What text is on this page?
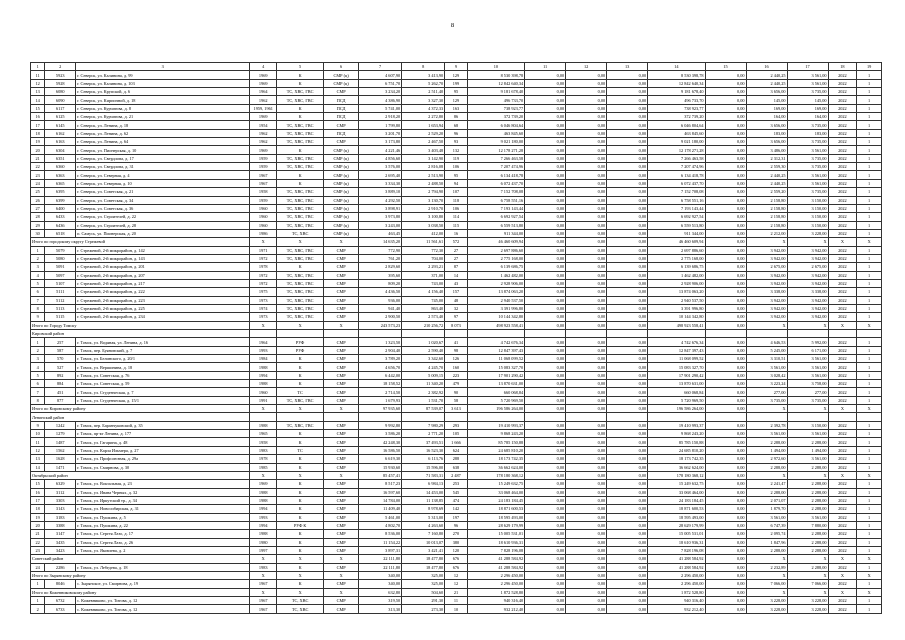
8
1	2	3	4	5	6	7	8	9	10	11	12	13	14	15	16	17	18	19
11	5923	г. Северск, ул. Калинина, д. 99	1969	К	СМР (ц)	4 607,90	3 413,90	129	8 530 398,78	0,00	0,00	0,00	8 530 398,78	0,00	2 440,25	3 561,00	2022	1
12	5928	г. Северск, ул. Калинина, д. 103	1969	К	СМР (ц)	6 751,70	5 262,70	199	12 842 640,34	0,00	0,00	0,00	12 842 640,34	0,00	2 440,25	3 561,00	2022	1
13	6080	г. Северск, ул. Крупской, д. 6	1964	ТС, ХВС, ГВС	СМР	3 234,20	2 511,40	95	9 181 678,40	0,00	0,00	0,00	9 181 678,40	0,00	3 656,00	3 735,00	2022	1
14	6090	г. Северск, ул. Кирпичной, д. 18	1962	ТС, ХВС, ГВС	ПСД	4 386,90	3 327,30	129	496 733,70	0,00	0,00	0,00	496 733,70	0,00	145,00	145,00	2022	1
15	6117	г. Северск, ул. Курчатова, д. 8	1959, 1961	К	ПСД	5 741,00	4 372,33	163	738 923,77	0,00	0,00	0,00	738 923,77	0,00	169,00	169,00	2022	1
16	6125	г. Северск, ул. Курчатова, д. 21	1969	К	ПСД	2 918,20	2 272,80	86	372 739,20	0,00	0,00	0,00	372 739,20	0,00	164,00	164,00	2022	1
17	6145	г. Северск, ул. Ленина, д. 18	1954	ТС, ХВС, ГВС	СМР	1 799,80	1 653,94	68	6 046 804,64	0,00	0,00	0,00	6 046 804,64	0,00	3 656,00	3 735,00	2022	1
18	6162	г. Северск, ул. Ленина, д. 62	1962	ТС, ХВС, ГВС	ПСД	3 201,70	2 529,20	96	463 845,60	0,00	0,00	0,00	463 845,60	0,00	183,00	183,00	2022	1
19	6163	г. Северск, ул. Ленина, д. 64	1962	ТС, ХВС, ГВС	СМР	3 173,80	2 467,50	93	9 021 180,00	0,00	0,00	0,00	9 021 180,00	0,00	3 656,00	3 735,00	2022	1
20	6304	г. Северск, ул. Пионерская, д. 10	1969	К	СМР (ц)	4 221,46	3 403,48	132	12 178 271,28	0,00	0,00	0,00	12 178 271,28	0,00	3 486,00	3 561,00	2022	1
21	6351	г. Северск, ул. Свердлова, д. 17	1959	ТС, ХВС, ГВС	СМР (ц)	4 856,60	3 142,90	119	7 266 463,58	0,00	0,00	0,00	7 266 463,58	0,00	2 312,31	3 735,00	2022	1
22	6360	г. Северск, ул. Свердлова, д. 31	1959	ТС, ХВС, ГВС	СМР (ц)	3 576,00	2 816,08	106	7 207 474,96	0,00	0,00	0,00	7 207 474,96	0,00	2 559,30	3 735,00	2022	1
23	6363	г. Северск, ул. Северная, д. 4	1967	К	СМР (ц)	2 695,40	2 513,90	95	6 134 418,78	0,00	0,00	0,00	6 134 418,78	0,00	2 440,25	3 561,00	2022	1
24	6365	г. Северск, ул. Северная, д. 10	1967	К	СМР (ц)	3 334,30	2 488,50	94	6 072 437,70	0,00	0,00	0,00	6 072 437,70	0,00	2 440,25	3 561,00	2022	1
25	6395	г. Северск, ул. Советская, д. 21	1958	ТС, ХВС, ГВС	СМР (ц)	3 889,10	2 794,90	107	7 152 708,08	0,00	0,00	0,00	7 152 708,08	0,00	2 559,20	3 735,00	2022	1
26	6399	г. Северск, ул. Советская, д. 34	1959	ТС, ХВС, ГВС	СМР (ц)	4 292,50	3 130,70	118	6 758 551,16	0,00	0,00	0,00	6 758 551,16	0,00	2 158,80	3 150,00	2022	1
27	6400	г. Северск, ул. Советская, д. 36	1960	ТС, ХВС, ГВС	СМР (ц)	3 898,91	2 910,70	106	7 193 143,44	0,00	0,00	0,00	7 193 143,44	0,00	2 158,80	3 150,00	2022	1
28	6433	г. Северск, ул. Строителей, д. 22	1960	ТС, ХВС, ГВС	СМР (ц)	3 973,80	3 100,80	114	6 692 927,54	0,00	0,00	0,00	6 692 927,54	0,00	2 158,80	3 150,00	2022	1
29	6436	г. Северск, ул. Строителей, д. 28	1960	ТС, ХВС, ГВС	СМР (ц)	3 243,00	3 038,50	115	6 559 513,80	0,00	0,00	0,00	6 559 513,80	0,00	2 158,80	3 150,00	2022	1
30	6518	п. Самусь, ул. Пионерская, д. 20	1986	ТС, ХВС	СМР (ц)	463,45	412,00	16	911 344,00	0,00	0,00	0,00	911 344,00	0,00	2 212,00	3 228,00	2022	1
Итого по городскому округу Стрежевой			X	X	X	14 635,20	11 561,61	572	46 460 609,94	0,00	0,00	0,00	46 460 609,94	0,00	X	X	X	X
1	5079	г. Стрежевой, 2-й микрорайон, д. 142	1971	ТС, ХВС, ГВС	СМР	772,90	772,30	27	2 697 886,60	0,00	0,00	0,00	2 697 886,60	0,00	3 942,00	3 942,00	2022	1
2	5080	г. Стрежевой, 2-й микрорайон, д. 143	1972	ТС, ХВС, ГВС	СМР	761,20	704,00	27	2 775 168,00	0,00	0,00	0,00	2 775 168,00	0,00	3 942,00	3 942,00	2022	1
3	5091	г. Стрежевой, 2-й микрорайон, д. 201	1978	К	СМР	2 829,60	2 293,21	87	6 139 686,75	0,00	0,00	0,00	6 139 686,75	0,00	2 675,00	2 675,00	2022	1
4	5097	г. Стрежевой, 2-й микрорайон, д. 207	1972	ТС, ХВС, ГВС	СМР	395,60	371,00	14	1 462 482,00	0,00	0,00	0,00	1 462 482,00	0,00	3 942,00	3 942,00	2022	1
5	5107	г. Стрежевой, 2-й микрорайон, д. 217	1972	ТС, ХВС, ГВС	СМР	809,20	743,00	43	2 928 906,00	0,00	0,00	0,00	2 928 906,00	0,00	3 942,00	3 942,00	2022	1
6	5111	г. Стрежевой, 2-й микрорайон, д. 222	1975	ТС, ХВС, ГВС	СМР	4 436,50	4 156,40	157	13 874 063,20	0,00	0,00	0,00	13 874 063,20	0,00	3 338,00	3 338,00	2022	1
7	5112	г. Стрежевой, 2-й микрорайон, д. 223	1973	ТС, ХВС, ГВС	СМР	936,00	745,00	48	2 940 537,50	0,00	0,00	0,00	2 940 537,50	0,00	3 942,00	3 942,00	2022	1
8	5113	г. Стрежевой, 2-й микрорайон, д. 225	1974	ТС, ХВС, ГВС	СМР	941,40	863,40	32	3 391 996,80	0,00	0,00	0,00	3 391 996,80	0,00	3 942,00	3 942,00	2022	1
9	5115	г. Стрежевой, 2-й микрорайон, д. 234	1973	ТС, ХВС, ГВС	СМР	2 900,50	2 573,40	97	10 144 342,80	0,00	0,00	0,00	10 144 342,80	0,00	3 942,00	3 942,00	2022	1
Итого по Городу Томску			X	X	X	243 573,23	210 256,72	8 073	498 923 558,41	0,00	0,00	0,00	498 923 558,41	0,00	X	X	X	X
Кировский район																		
1	257	г. Томск, ул. Водяная, ул. Ленина, д. 16	1964	РУФ	СМР	1 323,50	1 020,67	41	4 742 676,34	0,00	0,00	0,00	4 742 676,34	0,00	4 646,53	5 992,00	2022	1
2	587	г. Томск, пер. Буяновский, д. 7	1993	РУФ	СМР	2 904,40	2 590,40	98	12 847 397,43	0,00	0,00	0,00	12 847 397,43	0,00	5 245,00	6 171,00	2022	1
3	570	г. Томск, ул. Белинского, д. 20/1	1984	К	СМР	3 789,20	3 342,60	126	11 068 099,52	0,00	0,00	0,00	11 068 099,52	0,00	3 310,51	3 561,00	2022	1
4	527	г. Томск, ул. Вершинина, д. 18	1988	К	СМР	4 656,70	4 245,70	160	15 083 327,70	0,00	0,00	0,00	15 083 327,70	0,00	3 561,00	3 561,00	2022	1
5	892	г. Томск, ул. Советская, д. 76	1994	К	СМР	6 442,00	5 009,15	223	17 901 290,42	0,00	0,00	0,00	17 901 290,42	0,00	3 028,42	3 561,00	2022	1
6	884	г. Томск, ул. Советская, д. 59	1988	К	СМР	18 158,52	11 340,20	479	13 870 631,00	0,00	0,00	0,00	13 870 631,00	0,00	3 223,24	3 758,00	2022	1
7	451	г. Томск, ул. Студенческая, д. 7	1960	ТС	СМР	2 714,50	2 382,92	90	660 068,84	0,00	0,00	0,00	660 068,84	0,00	277,00	277,00	2022	1
8	877	г. Томск, ул. Студенческая, д. 15/1	1991	ТС, ХВС, ГВС	СМР	1 679,93	1 531,70	58	5 720 969,50	0,00	0,00	0,00	5 720 969,50	0,00	3 735,00	3 735,00	2022	1
Итого по Кировскому району			X	X	X	97 935,60	87 539,07	3 613	196 586 264,00	0,00	0,00	0,00	196 586 264,00	0,00	X	X	X	X
Ленинский район																		
9	1242	г. Томск, пер. Баранчуковский, д. 35	1988	ТС, ХВС, ГВС	СМР	9 992,80	7 980,29	293	19 410 993,37	0,00	0,00	0,00	19 410 993,37	0,00	2 392,78	3 150,00	2022	1
10	1279	г. Томск, пр-кт Ленина, д. 177	1965	К	СМР	3 586,20	2 771,20	105	9 868 243,20	0,00	0,00	0,00	9 868 243,20	0,00	3 561,00	3 561,00	2022	1
11	1487	г. Томск, ул. Гагарина, д. 48	1958	К	СМР	42 248,30	37 493,51	1 666	85 785 150,88	0,00	0,00	0,00	85 785 150,88	0,00	2 288,00	2 288,00	2022	1
12	1562	г. Томск, ул. Карла Ильмера, д. 27	1983	ТС	СМР	16 586,50	16 523,30	624	24 685 810,20	0,00	0,00	0,00	24 685 810,20	0,00	1 494,00	1 494,00	2022	1
13	1628	г. Томск, ул. Профсоюзная, д. 29а	1978	К	СМР	6 619,30	6 113,76	288	18 173 742,35	0,00	0,00	0,00	18 173 742,35	0,00	2 972,60	3 561,00	2022	1
14	1471	г. Томск, ул. Смирнова, д. 30	1985	К	СМР	15 930,60	15 596,00	638	36 662 624,00	0,00	0,00	0,00	36 662 624,00	0,00	2 288,00	2 288,00	2022	1
Октябрьский район			X	X	X	85 457,41	71 583,31	2 487	178 180 368,12	0,00	0,00	0,00	178 180 368,12	0,00	X	X	X	X
15	6329	г. Томск, ул. Вокзальная, д. 23	1969	К	СМР	8 517,23	6 984,13	253	15 249 632,75	0,00	0,00	0,00	15 249 632,75	0,00	2 241,47	2 288,00	2022	1
16	3112	г. Томск, ул. Ивана Черных, д. 32	1988	К	СМР	16 597,60	14 453,00	545	33 068 464,00	0,00	0,00	0,00	33 068 464,00	0,00	2 288,00	2 288,00	2022	1
17	3303	г. Томск, ул. Иркутский тр., д. 34	1988	К	СМР	14 784,00	11 138,85	474	24 183 184,45	0,00	0,00	0,00	24 183 184,45	0,00	2 071,07	2 288,00	2022	1
18	3143	г. Томск, ул. Новосибирская, д. 31	1994	К	СМР	11 409,40	8 978,69	142	18 871 600,53	0,00	0,00	0,00	18 871 600,53	0,00	1 879,70	2 288,00	2022	1
19	3183	г. Томск, ул. Пушкина, д. 5	1993	К	СМР	5 461,00	5 313,00	197	18 595 493,00	0,00	0,00	0,00	18 595 493,00	0,00	3 561,00	3 561,00	2022	1
20	3388	г. Томск, ул. Пушкина, д. 22	1994	РУФ К	СМР	4 802,70	4 263,60	96	28 629 179,99	0,00	0,00	0,00	28 629 179,99	0,00	6 747,39	7 880,00	2022	1
21	3147	г. Томск, ул. Сергея Лазо, д. 17	1988	К	СМР	8 536,00	7 160,80	270	15 005 531,01	0,00	0,00	0,00	15 005 531,01	0,00	2 095,74	2 288,00	2022	1
22	3435	г. Томск, ул. Сергея Лазо, д. 26	1980	К	СМР	11 154,22	10 013,07	380	18 610 936,31	0,00	0,00	0,00	18 610 936,31	0,00	1 847,96	2 288,00	2022	1
23	3423	г. Томск, ул. Яковлева, д. 2	1997	К	СМР	3 897,31	3 421,41	120	7 828 196,08	0,00	0,00	0,00	7 828 196,08	0,00	2 288,00	2 288,00	2022	1
Советский район			X	X	X	22 111,80	18 477,80	676	41 288 584,92	0,00	0,00	0,00	41 288 584,92	0,00	X	X	X	X
24	2286	г. Томск, ул. Лебедева, д. 18	1983	К	СМР	22 111,80	18 477,80	676	41 288 584,92	0,00	0,00	0,00	41 288 584,92	0,00	2 232,89	2 288,00	2022	1
Итого по Зырянскому району			X	X	X	340,00	325,00	12	2 296 450,00	0,00	0,00	0,00	2 296 450,00	0,00	X	X	X	X
1	8046	с. Зырянское, ул. Смирнова, д. 19	1967	К	СМР	340,00	325,00	12	2 296 450,00	0,00	0,00	0,00	2 296 450,00	0,00	7 066,00	7 066,00	2022	1
Итого по Кожевниковскому району			X	X	X	632,80	504,60	21	1 872 528,80	0,00	0,00	0,00	1 872 528,80	0,00	X	X	X	X
1	6732	с. Кожевниково, ул. Титова, д. 12	1967	ТС, ХВС	СМР	319,50	291,30	11	940 316,40	0,00	0,00	0,00	940 316,40	0,00	3 228,00	3 228,00	2022	1
2	6733	с. Кожевниково, ул. Титова, д. 12	1967	ТС, ХВС	СМР	313,30	273,30	10	932 212,40	0,00	0,00	0,00	932 212,40	0,00	3 228,00	3 228,00	2022	1
